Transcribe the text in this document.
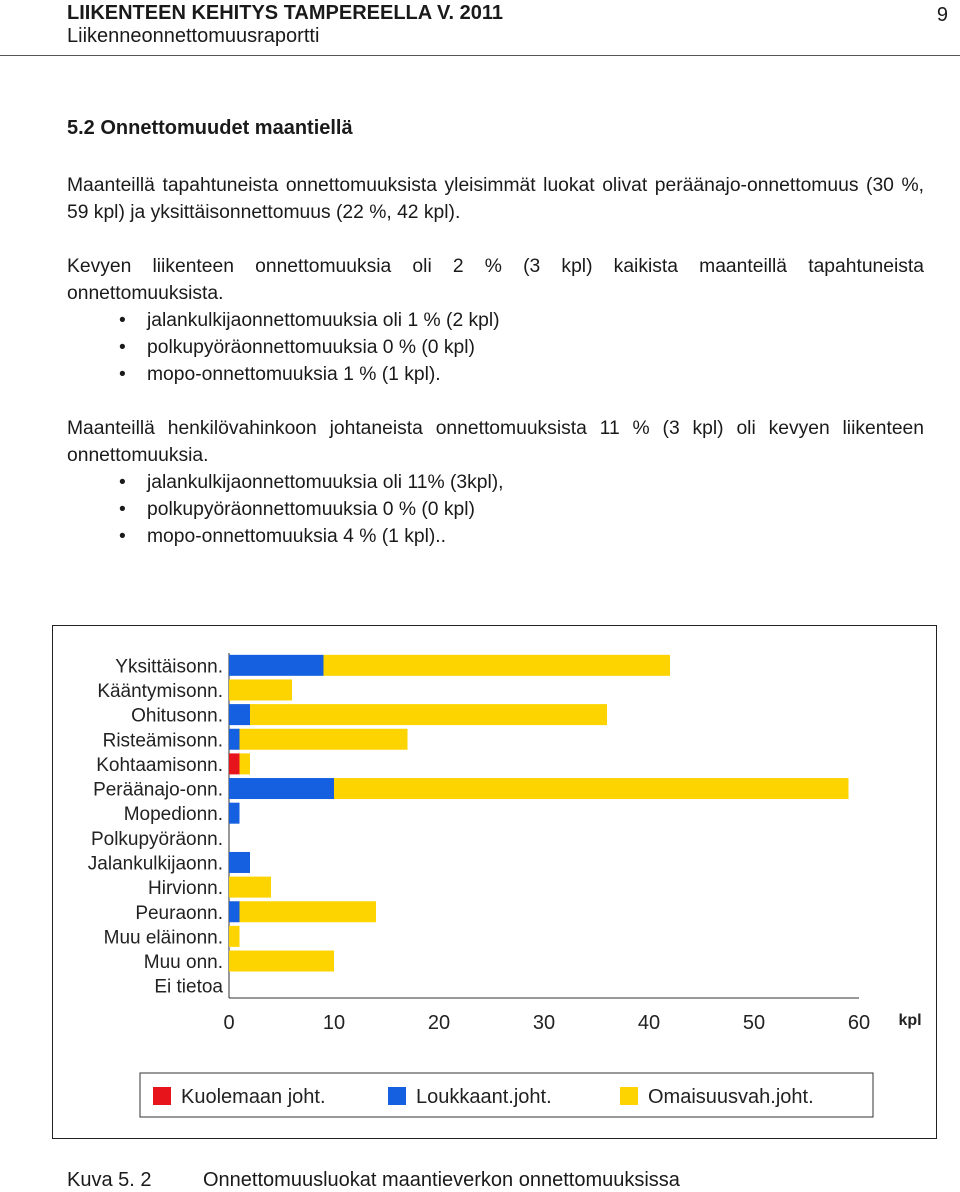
LIIKENTEEN KEHITYS TAMPEREELLA V. 2011
Liikenneonnettomuusraportti
9
5.2 Onnettomuudet maantiellä

Maanteillä tapahtuneista onnettomuuksista yleisimmät luokat olivat peräänajo-onnettomuus (30 %, 59 kpl) ja yksittäisonnettomuus (22 %, 42 kpl).

Kevyen liikenteen onnettomuuksia oli 2 % (3 kpl) kaikista maanteillä tapahtuneista onnettomuuksista.

• jalankulkijaonnettomuuksia oli 1 % (2 kpl)
• polkupyöräonnettomuuksia 0 % (0 kpl)
• mopo-onnettomuuksia 1 % (1 kpl).

Maanteillä henkilövahinkoon johtaneista onnettomuuksista 11 % (3 kpl) oli kevyen liikenteen onnettomuuksia.

• jalankulkijaonnettomuuksia oli 11% (3kpl),
• polkupyöräonnettomuuksia 0 % (0 kpl)
• mopo-onnettomuuksia 4 % (1 kpl)..
Yksittäisonn.
Kääntymisonn.
Ohitusonn.
Risteämisonn.
Kohtaamisonn.
Peräänajo-onn.
Mopedionn.
Polkupyöräonn.
Jalankulkijaonn.
Hirvionn.
Peuraonn.
Muu eläinonn.
Muu onn.
Ei tietoa
0	10	20	30	40	50	60 kpl
Kuolemaan joht.	Loukkaant.joht.	Omaisuusvah.joht.
Kuva 5. 2	Onnettomuusluokat maantieverkon onnettomuuksissa
